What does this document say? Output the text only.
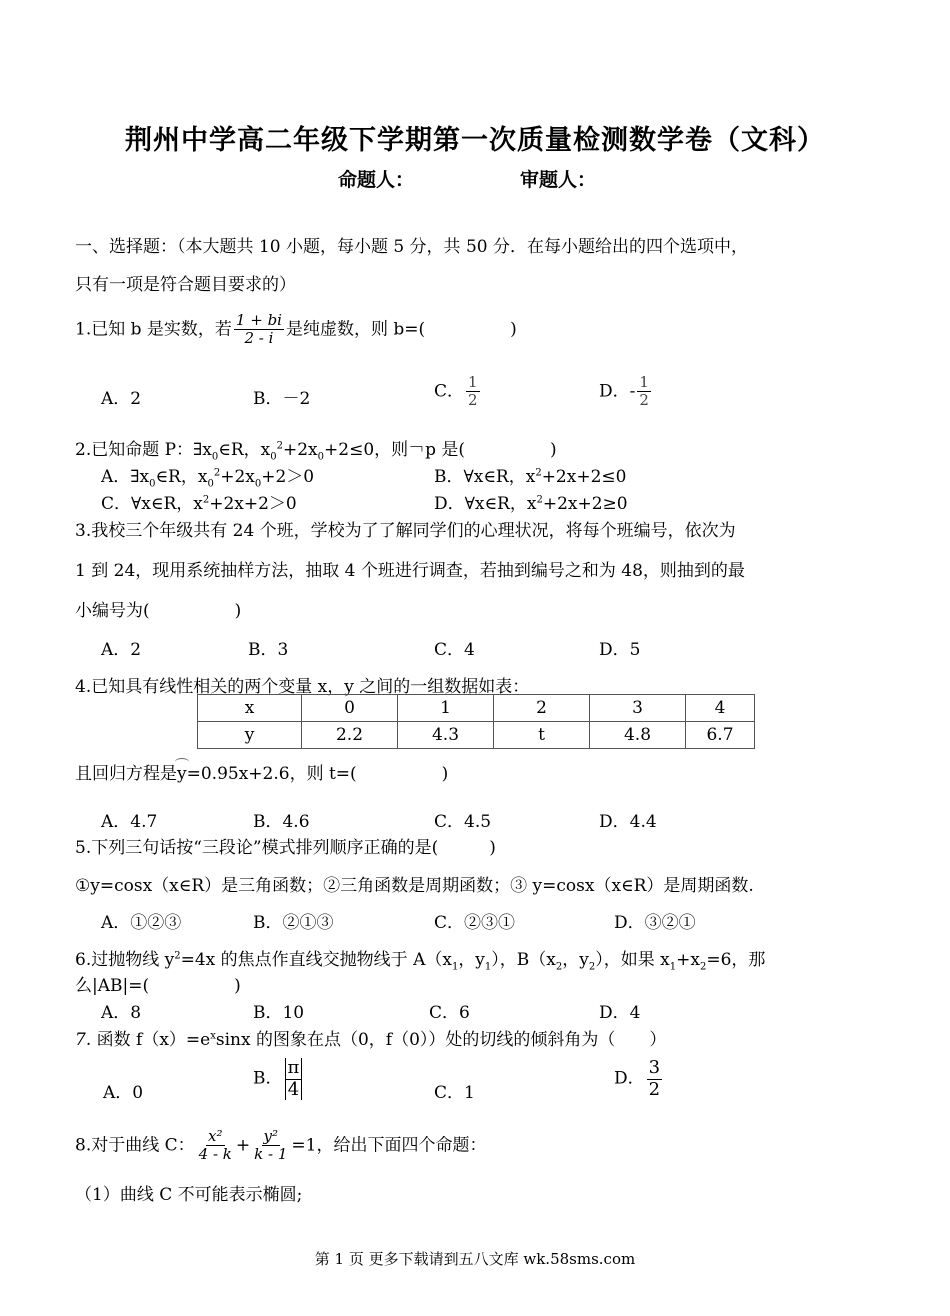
荆州中学高二年级下学期第一次质量检测数学卷（文科）
命题人：	审题人：
一、选择题：（本大题共 10 小题，每小题 5 分，共 50 分．在每小题给出的四个选项中，
只有一项是符合题目要求的）
1.已知 b 是实数，若 $\frac{1 + bi}{2 - i}$ 是纯虚数，则 b=(　　　　　)
A．2	B．－2	C． $\frac{1}{2}$	D．- $\frac{1}{2}$
2.已知命题 P：$\exists x_0\in R$，$x_0^2+2x_0+2\le 0$，则￢p 是(　　　　　)
A．$\exists x_0\in R$，$x_0^2+2x_0+2>0$	B．∀x∈R，$x^2+2x+2\le 0$
C．∀x∈R，$x^2+2x+2>0$	D．∀x∈R，$x^2+2x+2\ge 0$
3.我校三个年级共有 24 个班，学校为了了解同学们的心理状况，将每个班编号，依次为
1 到 24，现用系统抽样方法，抽取 4 个班进行调查，若抽到编号之和为 48，则抽到的最
小编号为(　　　　　)
A．2	B．3	C．4	D．5
4.已知具有线性相关的两个变量 x，y 之间的一组数据如表：
x	0	1	2	3	4
y	2.2	4.3	t	4.8	6.7
且回归方程是y=0.95x+2.6，则 t=(　　　　　)
A．4.7	B．4.6	C．4.5	D．4.4
5.下列三句话按“三段论”模式排列顺序正确的是(　　　)
①y=cosx（x∈R）是三角函数；②三角函数是周期函数；③ y=cosx（x∈R）是周期函数.
A．①②③	B．②①③	C．②③①	D．③②①
6.过抛物线 $y^2=4x$ 的焦点作直线交抛物线于 $A(x_1$，$y_1$），$B(x_2$，$y_2$），如果 $x_1+x_2=6$，那
么|AB|=(　　　　　)
A．8	B．10	C．6	D．4
7. 函数 $f(x)=e^x\sin x$ 的图象在点（0，f（0））处的切线的倾斜角为（　　）
A．0
B． $\frac{\pi}{4}$	C．1
D． $\frac{3}{2}$
8.对于曲线 C： $\frac{\text{x²}}{4 - k} + \frac{\text{y²}}{k - 1} =1$，给出下面四个命题：
（1）曲线 C 不可能表示椭圆;
第 1 页 更多下载请到五八文库 wk.58sms.com
